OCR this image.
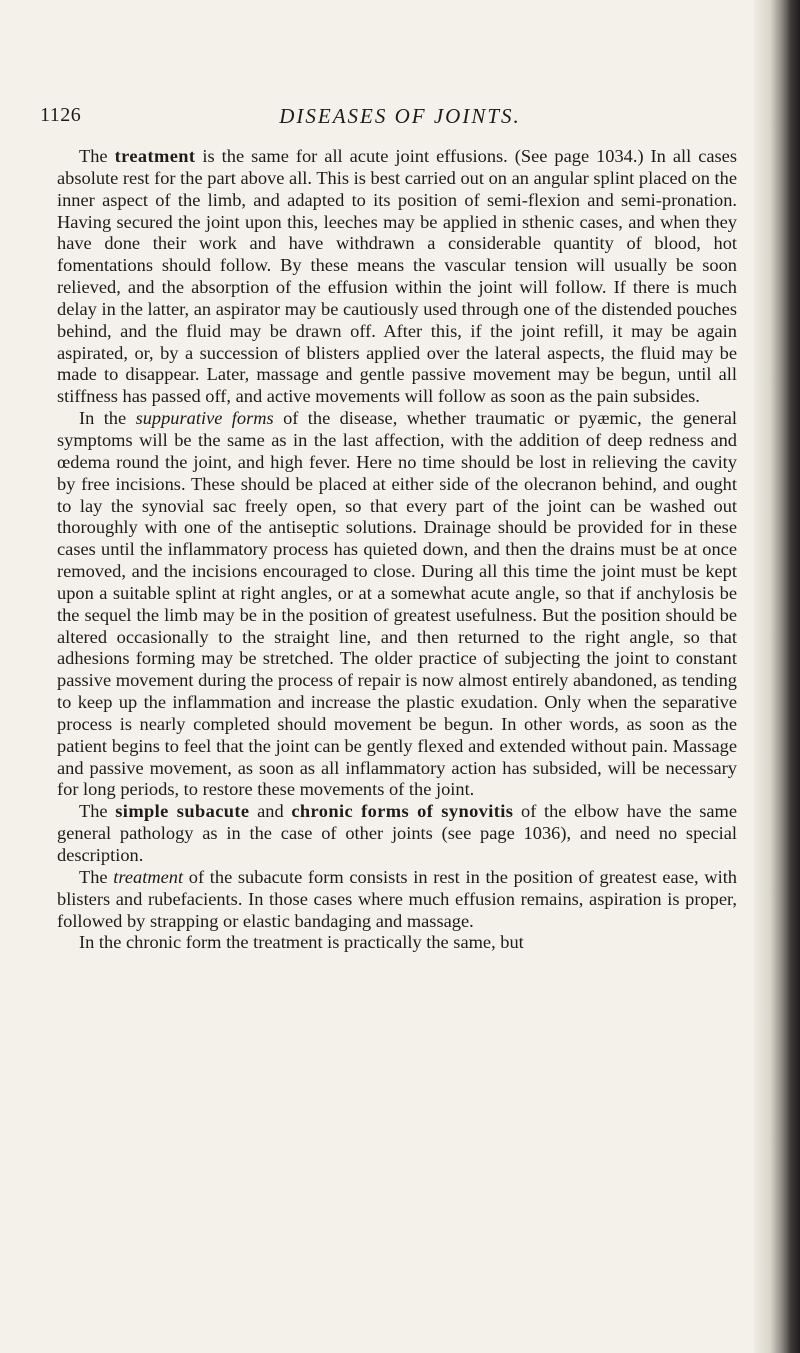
1126	DISEASES OF JOINTS.

The treatment is the same for all acute joint effusions. (See page 1034.) In all cases absolute rest for the part above all. This is best carried out on an angular splint placed on the inner aspect of the limb, and adapted to its position of semi-flexion and semi-pronation. Having secured the joint upon this, leeches may be applied in sthenic cases, and when they have done their work and have withdrawn a considerable quantity of blood, hot fomentations should follow. By these means the vascular tension will usually be soon relieved, and the absorption of the effusion within the joint will follow. If there is much delay in the latter, an aspirator may be cautiously used through one of the distended pouches behind, and the fluid may be drawn off. After this, if the joint refill, it may be again aspirated, or, by a succession of blisters applied over the lateral aspects, the fluid may be made to disappear. Later, massage and gentle passive movement may be begun, until all stiffness has passed off, and active movements will follow as soon as the pain subsides.

In the suppurative forms of the disease, whether traumatic or pyæmic, the general symptoms will be the same as in the last affection, with the addition of deep redness and œdema round the joint, and high fever. Here no time should be lost in relieving the cavity by free incisions. These should be placed at either side of the olecranon behind, and ought to lay the synovial sac freely open, so that every part of the joint can be washed out thoroughly with one of the antiseptic solutions. Drainage should be provided for in these cases until the inflammatory process has quieted down, and then the drains must be at once removed, and the incisions encouraged to close. During all this time the joint must be kept upon a suitable splint at right angles, or at a somewhat acute angle, so that if anchylosis be the sequel the limb may be in the position of greatest usefulness. But the position should be altered occasionally to the straight line, and then returned to the right angle, so that adhesions forming may be stretched. The older practice of subjecting the joint to constant passive movement during the process of repair is now almost entirely abandoned, as tending to keep up the inflammation and increase the plastic exudation. Only when the separative process is nearly completed should movement be begun. In other words, as soon as the patient begins to feel that the joint can be gently flexed and extended without pain. Massage and passive movement, as soon as all inflammatory action has subsided, will be necessary for long periods, to restore these movements of the joint.

The simple subacute and chronic forms of synovitis of the elbow have the same general pathology as in the case of other joints (see page 1036), and need no special description.

The treatment of the subacute form consists in rest in the position of greatest ease, with blisters and rubefacients. In those cases where much effusion remains, aspiration is proper, followed by strapping or elastic bandaging and massage.

In the chronic form the treatment is practically the same, but
